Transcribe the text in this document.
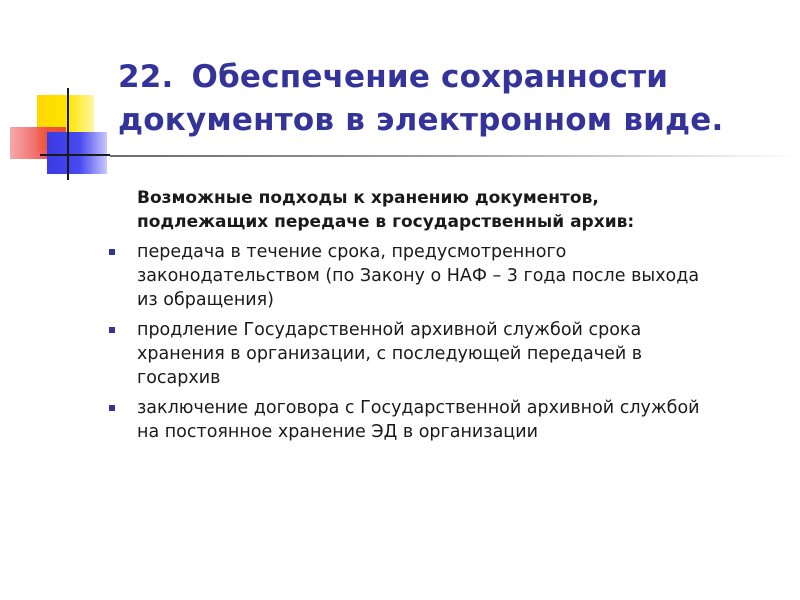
22. Обеспечение сохранности документов в электронном виде.

Возможные подходы к хранению документов, подлежащих передаче в государственный архив:

передача в течение срока, предусмотренного законодательством (по Закону о НАФ – 3 года после выхода из обращения)
продление Государственной архивной службой срока хранения в организации, с последующей передачей в госархив
заключение договора с Государственной архивной службой на постоянное хранение ЭД в организации
